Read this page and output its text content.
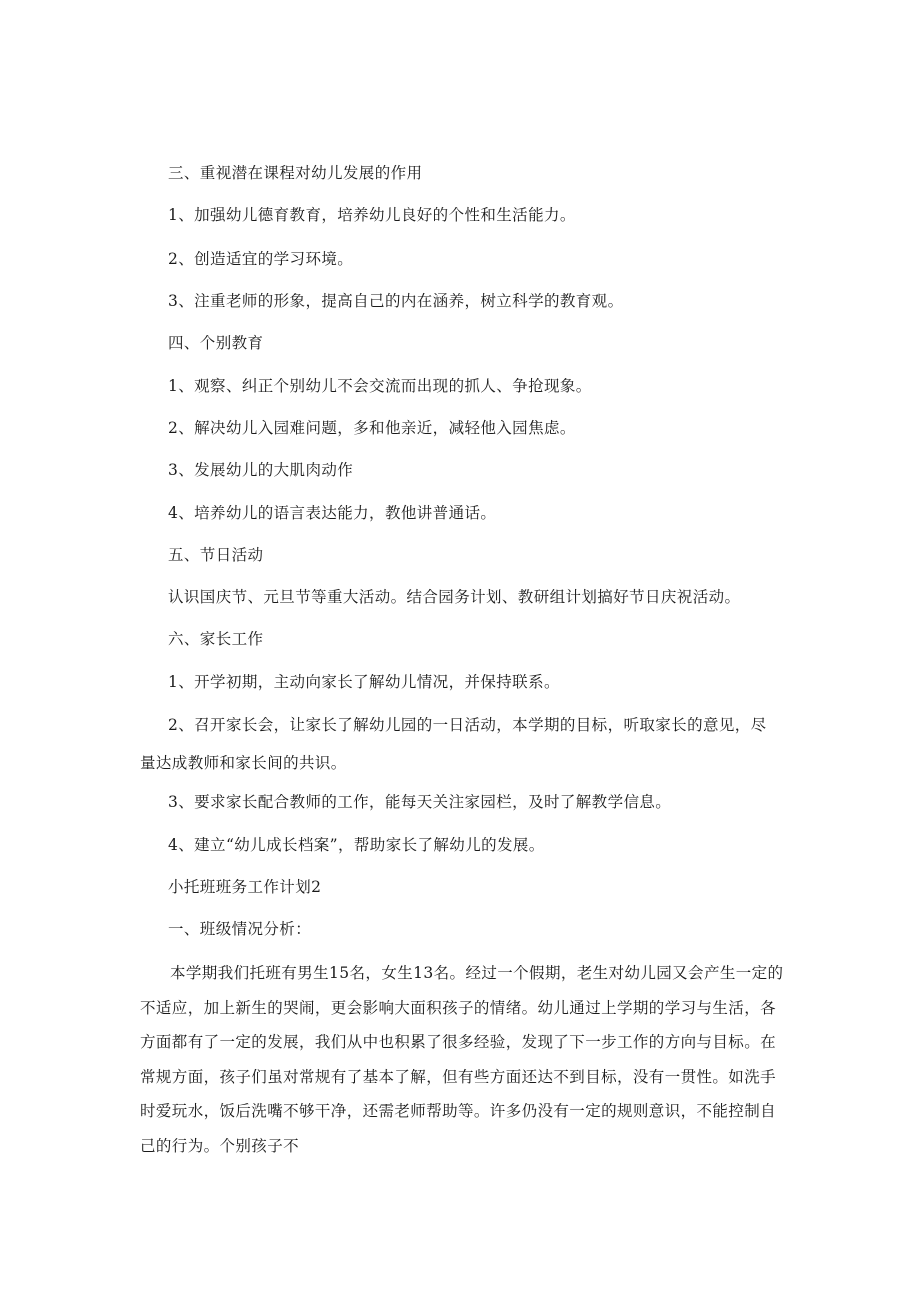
三、重视潜在课程对幼儿发展的作用
1、加强幼儿德育教育，培养幼儿良好的个性和生活能力。
2、创造适宜的学习环境。
3、注重老师的形象，提高自己的内在涵养，树立科学的教育观。
四、个别教育
1、观察、纠正个别幼儿不会交流而出现的抓人、争抢现象。
2、解决幼儿入园难问题，多和他亲近，减轻他入园焦虑。
3、发展幼儿的大肌肉动作
4、培养幼儿的语言表达能力，教他讲普通话。
五、节日活动
认识国庆节、元旦节等重大活动。结合园务计划、教研组计划搞好节日庆祝活动。
六、家长工作
1、开学初期，主动向家长了解幼儿情况，并保持联系。
2、召开家长会，让家长了解幼儿园的一日活动，本学期的目标，听取家长的意见，尽量达成教师和家长间的共识。
3、要求家长配合教师的工作，能每天关注家园栏，及时了解教学信息。
4、建立“幼儿成长档案”，帮助家长了解幼儿的发展。
小托班班务工作计划2
一、班级情况分析：
本学期我们托班有男生15名，女生13名。经过一个假期，老生对幼儿园又会产生一定的不适应，加上新生的哭闹，更会影响大面积孩子的情绪。幼儿通过上学期的学习与生活，各方面都有了一定的发展，我们从中也积累了很多经验，发现了下一步工作的方向与目标。在常规方面，孩子们虽对常规有了基本了解，但有些方面还达不到目标，没有一贯性。如洗手时爱玩水，饭后洗嘴不够干净，还需老师帮助等。许多仍没有一定的规则意识，不能控制自己的行为。个别孩子不
